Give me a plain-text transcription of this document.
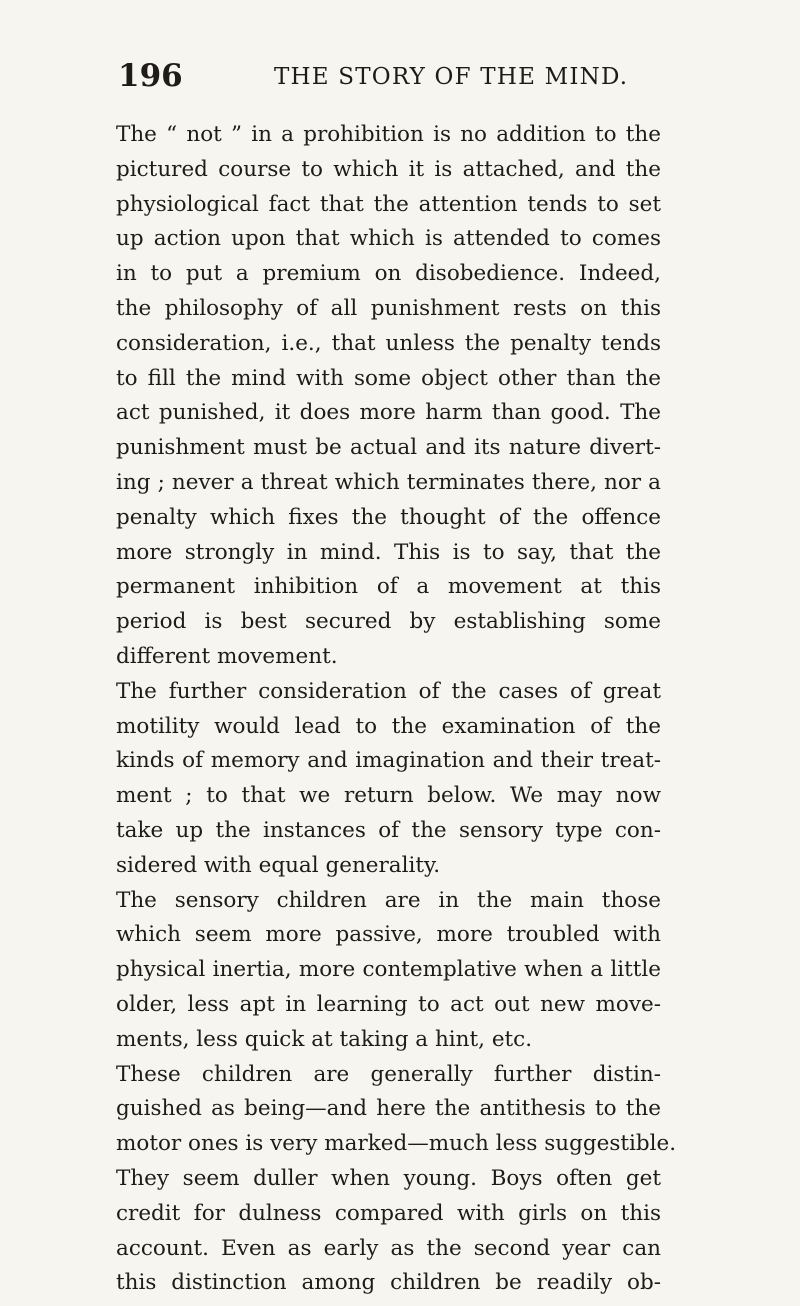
196	THE STORY OF THE MIND.
The “ not ” in a prohibition is no addition to the
pictured course to which it is attached, and the
physiological fact that the attention tends to set
up action upon that which is attended to comes
in to put a premium on disobedience. Indeed,
the philosophy of all punishment rests on this
consideration, i.e., that unless the penalty tends
to fill the mind with some object other than the
act punished, it does more harm than good. The
punishment must be actual and its nature divert-
ing ; never a threat which terminates there, nor a
penalty which fixes the thought of the offence
more strongly in mind. This is to say, that the
permanent inhibition of a movement at this
period is best secured by establishing some
different movement.
The further consideration of the cases of great
motility would lead to the examination of the
kinds of memory and imagination and their treat-
ment ; to that we return below. We may now
take up the instances of the sensory type con-
sidered with equal generality.
The sensory children are in the main those
which seem more passive, more troubled with
physical inertia, more contemplative when a little
older, less apt in learning to act out new move-
ments, less quick at taking a hint, etc.
These children are generally further distin-
guished as being—and here the antithesis to the
motor ones is very marked—much less suggestible.
They seem duller when young. Boys often get
credit for dulness compared with girls on this
account. Even as early as the second year can
this distinction among children be readily ob-
